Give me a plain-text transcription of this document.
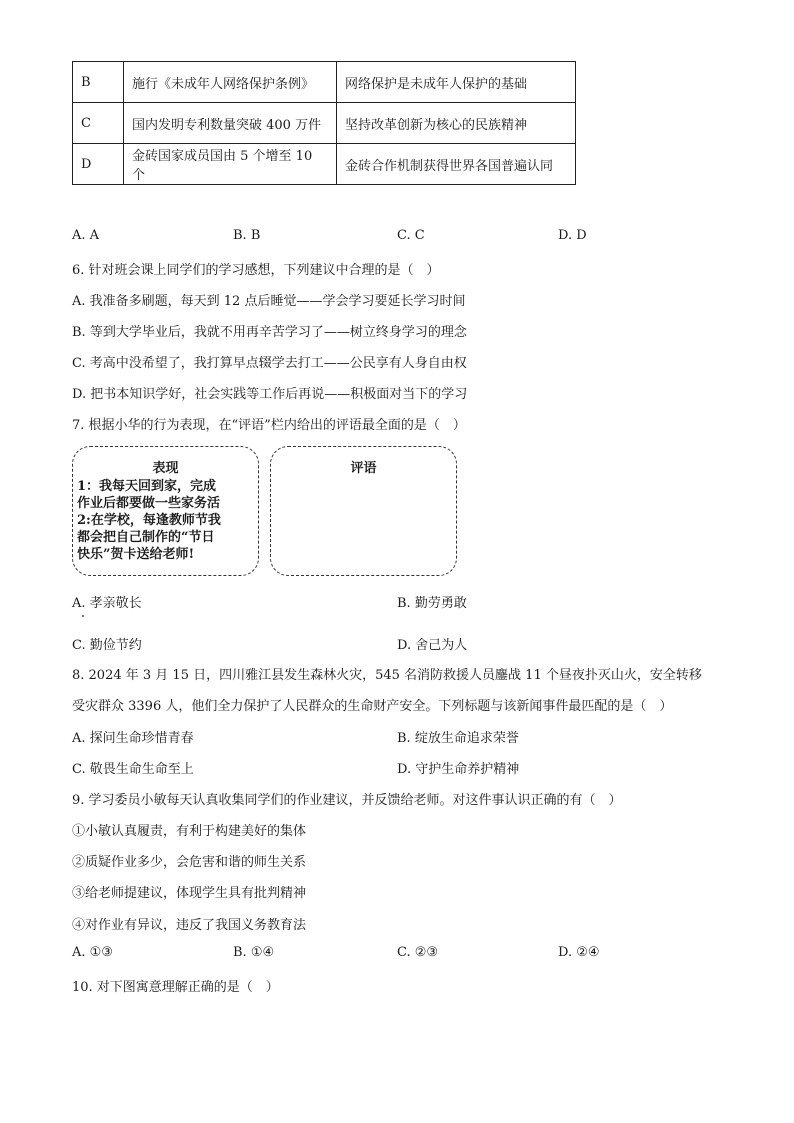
B	施行《未成年人网络保护条例》	网络保护是未成年人保护的基础
C	国内发明专利数量突破 400 万件	坚持改革创新为核心的民族精神
D	金砖国家成员国由 5 个增至 10 个	金砖合作机制获得世界各国普遍认同
A. A	B. B	C. C	D. D
6. 针对班会课上同学们的学习感想，下列建议中合理的是（　）
A. 我准备多刷题，每天到 12 点后睡觉——学会学习要延长学习时间
B. 等到大学毕业后，我就不用再辛苦学习了——树立终身学习的理念
C. 考高中没希望了，我打算早点辍学去打工——公民享有人身自由权
D. 把书本知识学好，社会实践等工作后再说——积极面对当下的学习
7. 根据小华的行为表现，在“评语”栏内给出的评语最全面的是（　）
表现
1：我每天回到家，完成
作业后都要做一些家务活
2:在学校，每逢教师节我
都会把自己制作的“节日
快乐”贺卡送给老师!
评语
A. 孝亲敬长	B. 勤劳勇敢
C. 勤俭节约	D. 舍己为人
8. 2024 年 3 月 15 日，四川雅江县发生森林火灾，545 名消防救援人员鏖战 11 个昼夜扑灭山火，安全转移
受灾群众 3396 人，他们全力保护了人民群众的生命财产安全。下列标题与该新闻事件最匹配的是（　）
A. 探问生命珍惜青春	B. 绽放生命追求荣誉
C. 敬畏生命生命至上	D. 守护生命养护精神
9. 学习委员小敏每天认真收集同学们的作业建议，并反馈给老师。对这件事认识正确的有（　）
①小敏认真履责，有利于构建美好的集体
②质疑作业多少，会危害和谐的师生关系
③给老师提建议，体现学生具有批判精神
④对作业有异议，违反了我国义务教育法
A. ①③	B. ①④	C. ②③	D. ②④
10. 对下图寓意理解正确的是（　）
